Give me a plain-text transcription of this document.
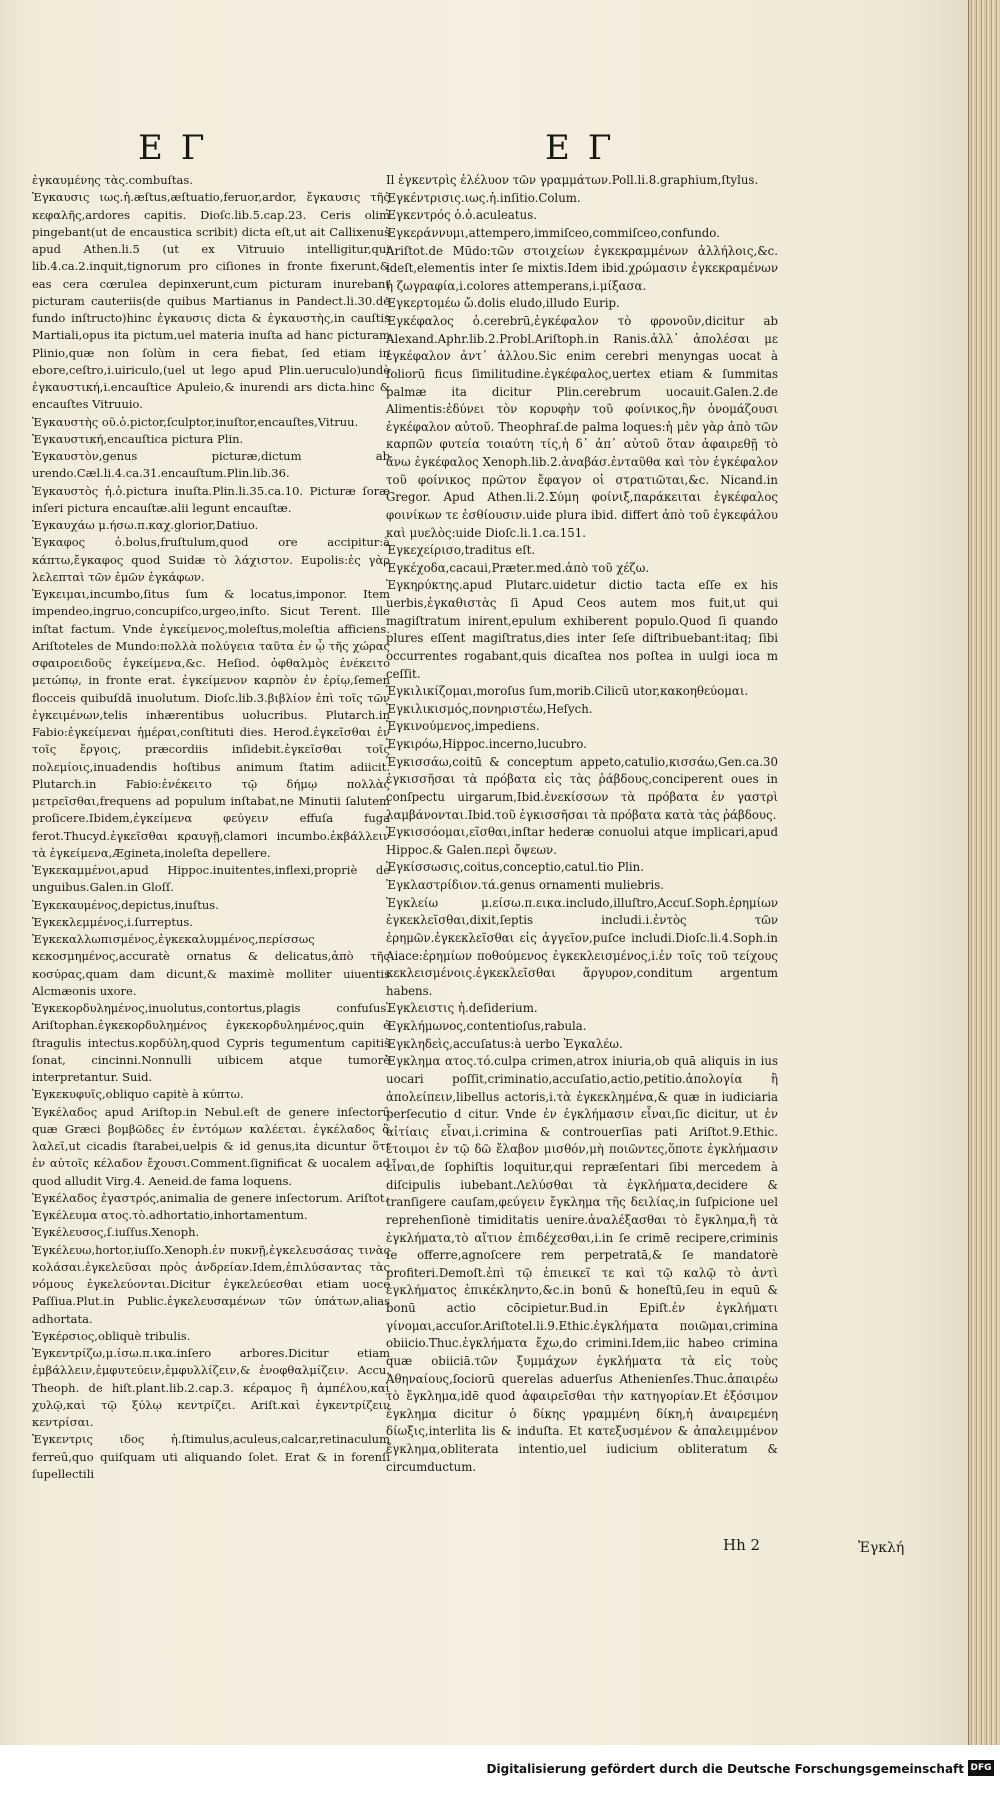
ΕΓ	ΕΓ

ἐγκαυμένης τὰς.combuſtas.

Ἐγκαυσις ιως.ἡ.æſtus,æſtuatio,feruor,ardor, ἔγκαυσις τῆς κεφαλῆς,ardores capitis. Dioſc.lib.5.cap.23. Ceris olim pingebant(ut de encaustica scribit) dicta eſt,ut ait Callixenus apud Athen.li.5 (ut ex Vitruuio intelligitur,qui lib.4.ca.2.inquit,tignorum pro ciſiones in fronte fixerunt,& eas cera cœrulea depinxerunt,cum picturam inurebant picturam cauteriis(de quibus Martianus in Pandect.li.30.de fundo inſtructo)hinc ἐγκαυσις dicta & ἐγκαυστὴς,in cauſtis Martiali,opus ita pictum,uel materia inuſta ad hanc picturam Plinio,quæ non ſolùm in cera fiebat, ſed etiam in ebore,ceſtro,i.uiriculo,(uel ut lego apud Plin.ueruculo)undè ἐγκαυστική,i.encauſtice Apuleio,& inurendi ars dicta.hinc & encauſtes Vitruuio.

Ἐγκαυστὴς οῦ.ὁ.pictor,ſculptor,inuſtor,encauſtes,Vitruu.

Ἐγκαυστική,encauſtica pictura Plin.

Ἐγκαυστὸν,genus picturæ,dictum ab urendo.Cæl.li.4.ca.31.encauſtum.Plin.lib.36.

Ἐγκαυστὸς ἡ.ὁ.pictura inuſta.Plin.li.35.ca.10. Picturæ ſoræ inſeri pictura encauſtæ.alii legunt encauſtæ.

Ἐγκαυχάω μ.ήσω.π.καχ.glorior,Datiuo.

Ἐγκαφος ὁ.bolus,fruſtulum,quod ore accipitur:à κάπτω,ἔγκαφος quod Suidæ τὸ λάχιστον. Eupolis:ἐς γὰρ λελεπταὶ τῶν ἐμῶν ἐγκάφων.

Ἐγκειμαι,incumbo,ſitus ſum & locatus,imponor. Item impendeo,ingruo,concupiſco,urgeo,inſto. Sicut Terent. Ille inſtat factum. Vnde ἐγκείμενος,moleſtus,moleſtia afficiens. Ariſtoteles de Mundo:πολλὰ πολύγεια ταῦτα ἐν ᾧ τῆς χώρας σφαιροειδοῦς ἐγκείμενα,&c. Heſiod. ὀφθαλμὸς ἐνέκειτο μετώπῳ, in fronte erat. ἐγκείμενον καρπὸν ἐν ἐρίῳ,ſemen flocceis quibuſdā inuolutum. Dioſc.lib.3.βιβλίον ἐπὶ τοῖς τῶν ἐγκειμένων,telis inhærentibus uolucribus. Plutarch.in Fabio:ἐγκείμεναι ἡμέραι,conſtituti dies. Herod.ἐγκεῖσθαι ἐν τοῖς ἔργοις, præcordiis inſidebit.ἐγκεῖσθαι τοῖς πολεμίοις,inuadendis hoſtibus animum ſtatim adiicit. Plutarch.in Fabio:ἐνέκειτο τῷ δήμῳ πολλὰς μετρεῖσθαι,frequens ad populum inſtabat,ne Minutii ſalutem proſicere.Ibidem,ἐγκείμενα φεύγειν effuſa fuga ferot.Thucyd.ἐγκεῖσθαι κραυγῇ,clamori incumbo.ἐκβάλλειν τὰ ἐγκείμενα,Ægineta,inoleſta depellere.

Ἐγκεκαμμένοι,apud Hippoc.inuitentes,inflexi,propriè de unguibus.Galen.in Gloſſ.

Ἐγκεκαυμένος,depictus,inuſtus.

Ἐγκεκλεμμένος,i.ſurreptus.

Ἐγκεκαλλωπισμένος,ἐγκεκαλυμμένος,περίσσως κεκοσμημένος,accuratè ornatus & delicatus,ἀπὸ τῆς κοσύρας,quam dam dicunt,& maximè molliter uiuentis Alcmæonis uxore.

Ἐγκεκορδυλημένος,inuolutus,contortus,plagis confuſus. Ariſtophan.ἐγκεκορδυλημένος ἐγκεκορδυλημένος,quin e ſtragulis intectus.κορδύλη,quod Cypris tegumentum capitis ſonat, cincinni.Nonnulli uibicem atque tumorè interpretantur. Suid.

Ἐγκεκυφυῖς,obliquo capitè à κύπτω.

Ἐγκέλαδος apud Ariſtop.in Nebul.eſt de genere inſectorū quæ Græci βομβῶδες ἐν ἐντόμων καλέεται. ἐγκέλαδος ἃ λαλεῖ,ut cicadis ſtarabei,uelpis & id genus,ita dicuntur ὅτι ἐν αὐτοῖς κέλαδον ἔχουσι.Comment.ſignificat & uocalem ad quod alludit Virg.4. Aeneid.de fama loquens.

Ἐγκέλαδος ἐγαστρός,animalia de genere inſectorum. Ariſtot.

Ἐγκέλευμα ατος.τὸ.adhortatio,inhortamentum.

Ἐγκέλευσος,ſ.iuſſus.Xenoph.

Ἐγκέλευω,hortor,iuſſo.Xenoph.ἐν πυκνῇ,ἐγκελευσάσας τινὰς κολάσαι.ἐγκελεῦσαι πρὸς ἀνδρείαν.Idem,ἐπιλύσαντας τὰς νόμους ἐγκελεύονται.Dicitur ἐγκελεύεσθαι etiam uoce Paſſiua.Plut.in Public.ἐγκελευσαμένων τῶν ὑπάτων,alias adhortata.

Ἐγκέρσιος,obliquè tribulis.

Ἐγκεντρίζω,μ.ίσω.π.ικα.inſero arbores.Dicitur etiam ἐμβάλλειν,ἐμφυτεύειν,ἐμφυλλίζειν,& ἐνοφθαλμίζειν. Accu. Theoph. de hiſt.plant.lib.2.cap.3. κέραμος ἢ ἀμπέλου,καὶ χυλῷ,καὶ τῷ ξύλῳ κεντρίζει. Ariſt.καὶ ἐγκεντρίζειν κεντρίσαι.

Ἐγκεντρις ιδος ἡ.ſtimulus,aculeus,calcar,retinaculum ferreū,quo quiſquam uti aliquando ſolet. Erat & in forenſi ſupellectili

Il ἐγκεντρὶς ἐλέλυον τῶν γραμμάτων.Poll.li.8.graphium,ſtylus.

Ἐγκέντρισις.ιως.ἡ.inſitio.Colum.

Ἐγκεντρός ὁ.ὁ.aculeatus.

Ἐγκεράννυμι,attempero,immiſceo,commiſceo,confundo. Ariſtot.de Mūdo:τῶν στοιχείων ἐγκεκραμμένων ἀλλήλοις,&c. ideſt,elementis inter ſe mixtis.Idem ibid.χρώμασιν ἐγκεκραμένων ἡ ζωγραφία,i.colores attemperans,i.μίξασα.

Ἐγκερτομέω ὤ.dolis eludo,illudo Eurip.

Ἐγκέφαλος ὁ.cerebrū,ἐγκέφαλον τὸ φρονοῦν,dicitur ab Alexand.Aphr.lib.2.Probl.Ariſtoph.in Ranis.ἀλλ᾽ ἀπολέσαι με ἐγκέφαλον ἀντ᾽ ἀλλου.Sic enim cerebri menyngas uocat à foliorū ficus ſimilitudine.ἐγκέφαλος,uertex etiam & ſummitas palmæ ita dicitur Plin.cerebrum uocauit.Galen.2.de Alimentis:ἐδύνει τὸν κορυφὴν τοῦ φοίνικος,ἣν ὀνομάζουσι ἐγκέφαλον αὐτοῦ. Theophraſ.de palma loques:ἡ μὲν γὰρ ἀπὸ τῶν καρπῶν φυτεία τοιαύτη τίς,ἡ δ᾽ ἀπ᾽ αὐτοῦ ὅταν ἀφαιρεθῇ τὸ ἄνω ἐγκέφαλος Xenoph.lib.2.ἀναβάσ.ἐνταῦθα καὶ τὸν ἐγκέφαλον τοῦ φοίνικος πρῶτον ἔφαγον οἱ στρατιῶται,&c. Nicand.in Gregor. Apud Athen.li.2.Σύμη φοίνιξ,παράκειται ἐγκέφαλος φοινίκων τε ἐσθίουσιν.uide plura ibid. differt ἀπὸ τοῦ ἐγκεφάλου καὶ μυελὸς:uide Dioſc.li.1.ca.151.

Ἐγκεχείρισο,traditus eſt.

Ἐγκέχοδα,cacaui,Præter.med.ἀπὸ τοῦ χέζω.

Ἐγκηρύκτης.apud Plutarc.uidetur dictio tacta eſſe ex his uerbis,ἐγκαθιστὰς ſi Apud Ceos autem mos fuit,ut qui magiſtratum inirent,epulum exhiberent populo.Quod ſi quando plures eſſent magiſtratus,dies inter ſeſe diſtribuebant:itaq; ſibi occurrentes rogabant,quis dicaſtea nos poſtea in uulgi ioca m ceſſit.

Ἐγκιλικίζομαι,moroſus ſum,morib.Cilicū utor,κακοηθεύομαι.

Ἐγκιλικισμός,πονηριστέω,Heſych.

Ἐγκινούμενος,impediens.

Ἐγκιρόω,Hippoc.incerno,lucubro.

Ἐγκισσάω,coitū & conceptum appeto,catulio,κισσάω,Gen.ca.30 ἐγκισσῆσαι τὰ πρόβατα εἰς τὰς ῥάβδους,conciperent oues in conſpectu uirgarum,Ibid.ἐνεκίσσων τὰ πρόβατα ἐν γαστρὶ λαμβάνονται.Ibid.τοῦ ἐγκισσῆσαι τὰ πρόβατα κατὰ τὰς ῥάβδους.

Ἐγκισσόομαι,εῖσθαι,inſtar hederæ conuolui atque implicari,apud Hippoc.& Galen.περὶ ὄψεων.

Ἐγκίσσωσις,coitus,conceptio,catul.tio Plin.

Ἐγκλαστρίδιον.τά.genus ornamenti muliebris.

Ἐγκλείω μ.είσω.π.εικα.includo,illuſtro,Accuſ.Soph.ἐρημίων ἐγκεκλεῖσθαι,dixit,ſeptis includi.i.ἐντὸς τῶν ἐρημῶν.ἐγκεκλεῖσθαι εἰς ἀγγεῖον,puſce includi.Dioſc.li.4.Soph.in Aiace:ἐρημίων ποθούμενος ἐγκεκλεισμένος,i.ἐν τοῖς τοῦ τείχους κεκλεισμένοις.ἐγκεκλεῖσθαι ἄργυρον,conditum argentum habens.

Ἐγκλειστις ἡ.deſiderium.

Ἐγκλήμωνος,contentioſus,rabula.

Ἐγκληδεὶς,accuſatus:à uerbo Ἐγκαλέω.

Ἐγκλημα ατος.τό.culpa crimen,atrox iniuria,ob quā aliquis in ius uocari poſſit,criminatio,accuſatio,actio,petitio.ἀπολογία ἢ ἀπολείπειν,libellus actoris,i.τὰ ἐγκεκλημένα,& quæ in iudiciaria perſecutio d citur. Vnde ἐν ἐγκλήμασιν εἶναι,ſic dicitur, ut ἐν αἰτίαις εἶναι,i.crimina & controuerſias pati Ariſtot.9.Ethic. ἔτοιμοι ἐν τῷ δῶ ἔλαβον μισθόν,μὴ ποιῶντες,ὅποτε ἐγκλήμασιν εἶναι,de ſophiſtis loquitur,qui repræſentari ſibi mercedem à diſcipulis iubebant.Λελύσθαι τὰ ἐγκλήματα,decidere & tranſigere cauſam,φεύγειν ἔγκλημα τῆς δειλίας,in ſuſpicione uel reprehenſionè timiditatis uenire.ἀναλέξασθαι τὸ ἔγκλημα,ἢ τὰ ἐγκλήματα,τὸ αἴτιον ἐπιδέχεσθαι,i.in ſe crimē recipere,criminis ſe offerre,agnoſcere rem perpetratā,& ſe mandatorè profiteri.Demoſt.ἐπὶ τῷ ἐπιεικεῖ τε καὶ τῷ καλῷ τὸ ἀντὶ ἐγκλήματος ἐπικέκληντο,&c.in bonū & honeſtū,ſeu in equū & bonū actio cōcipietur.Bud.in Epiſt.ἐν ἐγκλήματι γίνομαι,accuſor.Ariſtotel.li.9.Ethic.ἐγκλήματα ποιῶμαι,crimina obiicio.Thuc.ἐγκλήματα ἔχω,do crimini.Idem,iic habeo crimina quæ obiiciā.τῶν ξυμμάχων ἐγκλήματα τὰ εἰς τοὺς Ἀθηναίους,ſociorū querelas aduerſus Athenienſes.Thuc.ἀπαιρέω τὸ ἔγκλημα,idē quod ἀφαιρεῖσθαι τὴν κατηγορίαν.Et ἐξόσιμον ἔγκλημα dicitur ὁ δίκης γραμμένη δίκη,ἡ ἀναιρεμένη δίωξις,interlita lis & induſta. Et κατεξυσμένον & ἀπαλειμμένον ἔγκλημα,obliterata intentio,uel iudicium obliteratum & circumductum.

Hh 2	Ἐγκλή
Digitalisierung gefördert durch die Deutsche Forschungsgemeinschaft DFG
